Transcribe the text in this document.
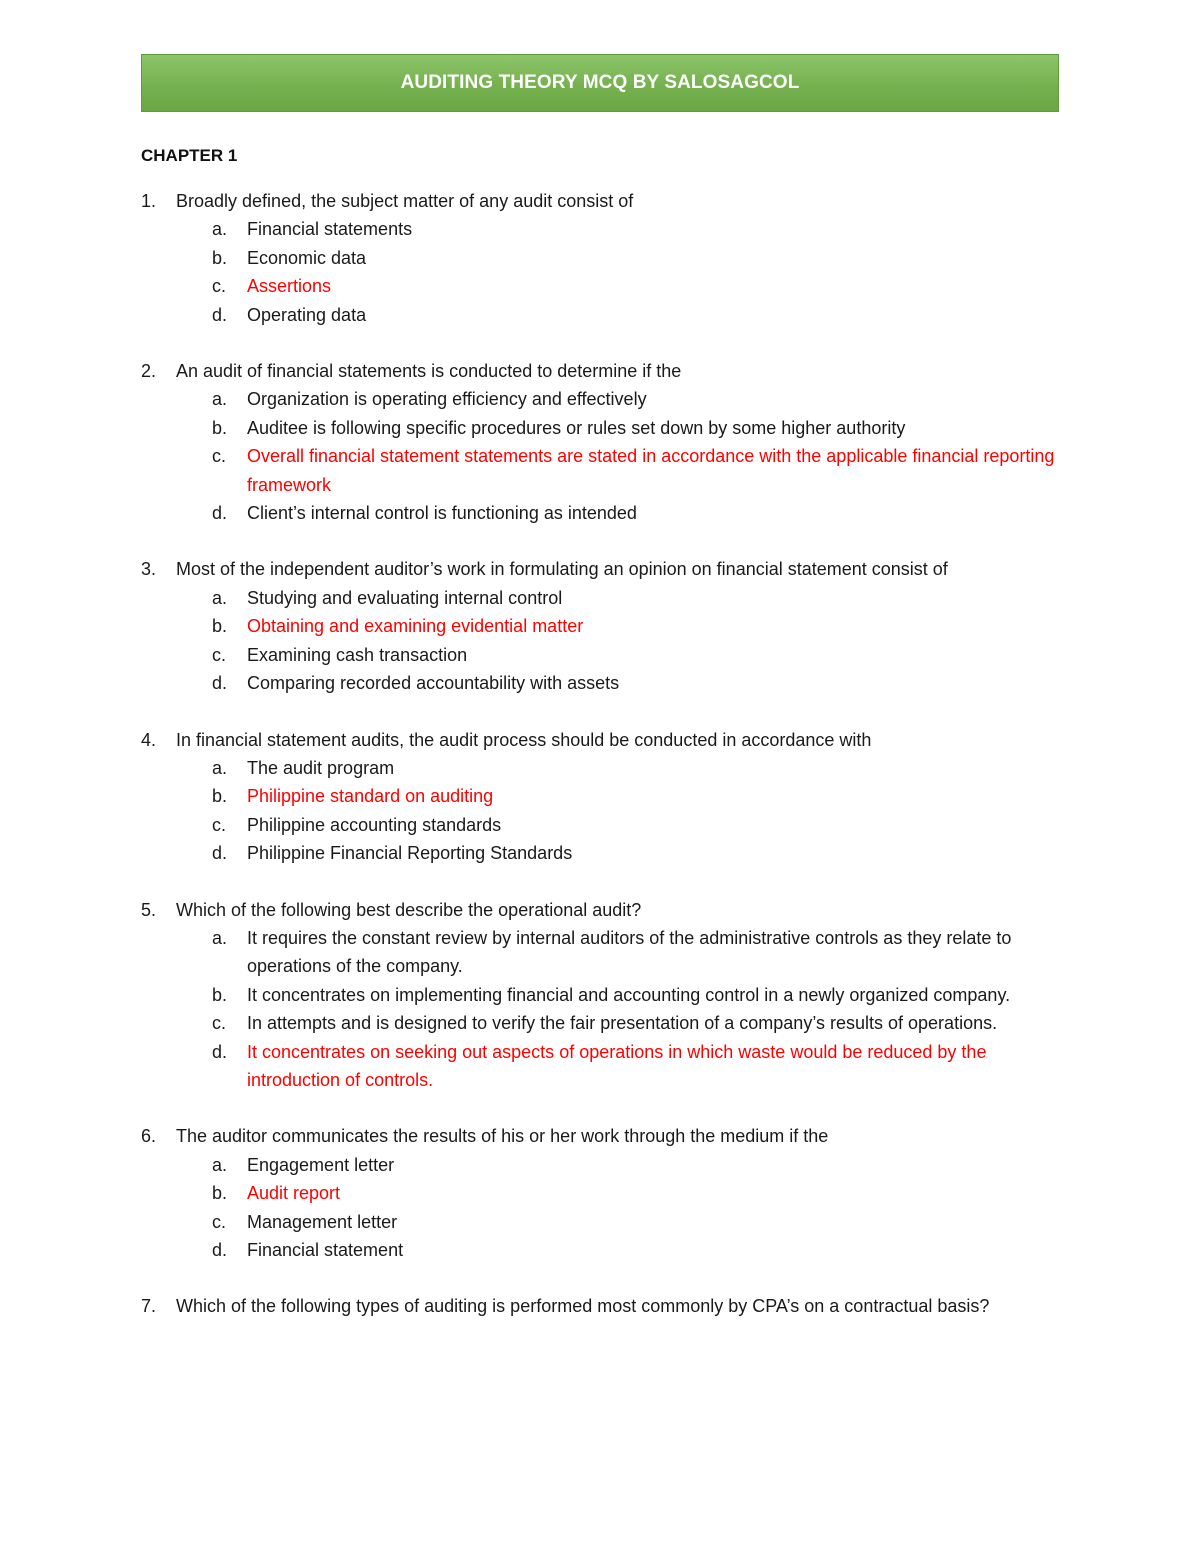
AUDITING THEORY MCQ BY SALOSAGCOL
CHAPTER 1
1. Broadly defined, the subject matter of any audit consist of
a. Financial statements
b. Economic data
c. Assertions
d. Operating data
2. An audit of financial statements is conducted to determine if the
a. Organization is operating efficiency and effectively
b. Auditee is following specific procedures or rules set down by some higher authority
c. Overall financial statement statements are stated in accordance with the applicable financial reporting framework
d. Client’s internal control is functioning as intended
3. Most of the independent auditor’s work in formulating an opinion on financial statement consist of
a. Studying and evaluating internal control
b. Obtaining and examining evidential matter
c. Examining cash transaction
d. Comparing recorded accountability with assets
4. In financial statement audits, the audit process should be conducted in accordance with
a. The audit program
b. Philippine standard on auditing
c. Philippine accounting standards
d. Philippine Financial Reporting Standards
5. Which of the following best describe the operational audit?
a. It requires the constant review by internal auditors of the administrative controls as they relate to operations of the company.
b. It concentrates on implementing financial and accounting control in a newly organized company.
c. In attempts and is designed to verify the fair presentation of a company’s results of operations.
d. It concentrates on seeking out aspects of operations in which waste would be reduced by the introduction of controls.
6. The auditor communicates the results of his or her work through the medium if the
a. Engagement letter
b. Audit report
c. Management letter
d. Financial statement
7. Which of the following types of auditing is performed most commonly by CPA’s on a contractual basis?
